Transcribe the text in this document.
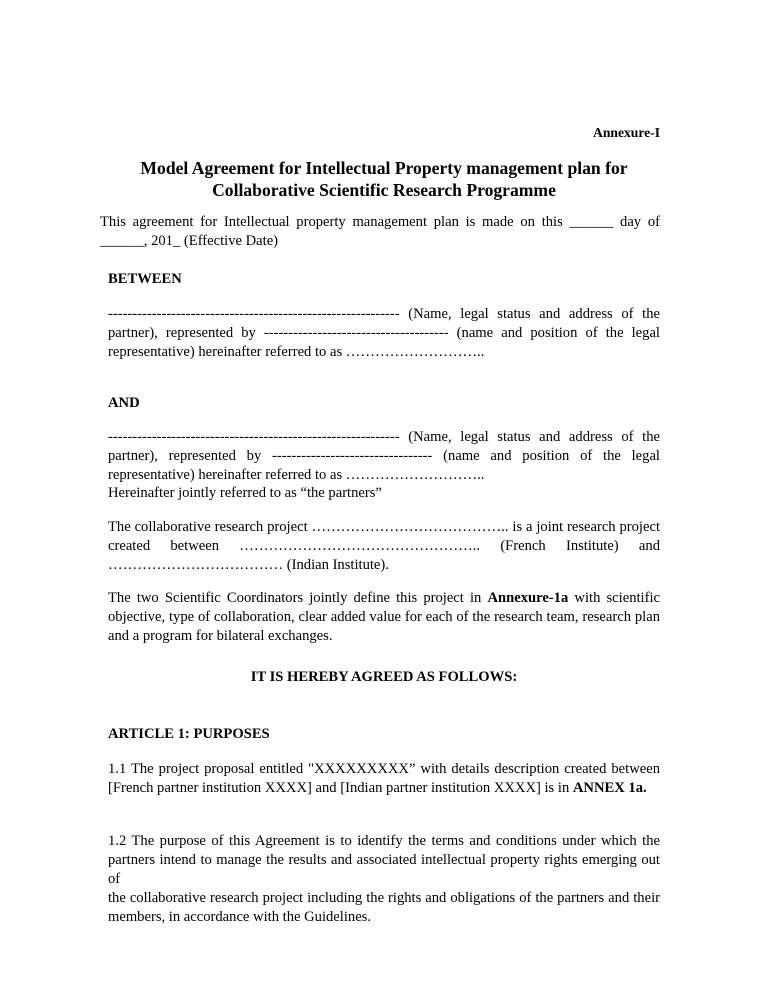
Annexure-I
Model Agreement for Intellectual Property management plan for
Collaborative Scientific Research Programme
This agreement for Intellectual property management plan is made on this ______ day of
______, 201_ (Effective Date)
BETWEEN
------------------------------------------------------------ (Name, legal status and address of the
partner), represented by -------------------------------------- (name and position of the legal
representative) hereinafter referred to as ………………………..
AND
------------------------------------------------------------ (Name, legal status and address of the
partner), represented by --------------------------------- (name and position of the legal
representative) hereinafter referred to as ………………………..
Hereinafter jointly referred to as “the partners”
The collaborative research project ………………………………….. is a joint research project
created between ………………………………………….. (French Institute) and
……………………………… (Indian Institute).
The two Scientific Coordinators jointly define this project in Annexure-1a with scientific
objective, type of collaboration, clear added value for each of the research team, research plan
and a program for bilateral exchanges.
IT IS HEREBY AGREED AS FOLLOWS:
ARTICLE 1: PURPOSES
1.1 The project proposal entitled "XXXXXXXXX” with details description created between
[French partner institution XXXX] and [Indian partner institution XXXX] is in ANNEX 1a.
1.2 The purpose of this Agreement is to identify the terms and conditions under which the
partners intend to manage the results and associated intellectual property rights emerging out of
the collaborative research project including the rights and obligations of the partners and their
members, in accordance with the Guidelines.
